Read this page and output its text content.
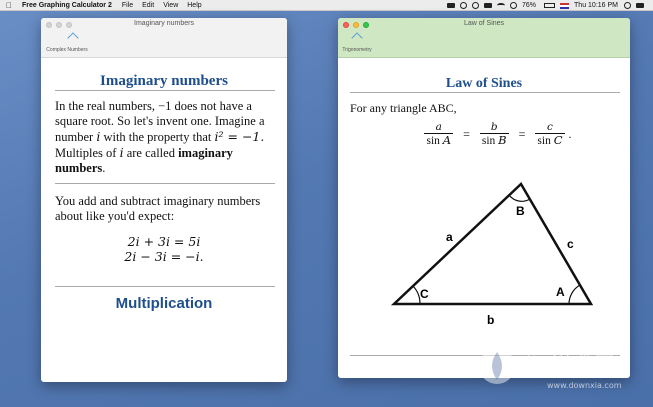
Free Graphing Calculator 2 File Edit View Help	76%	Thu 10:16 PM
Imaginary numbers
Complex Numbers
Imaginary numbers
In the real numbers, −1 does not have a
square root. So let's invent one. Imagine a
number i with the property that i² = −1.
Multiples of i are called imaginary
numbers.
You add and subtract imaginary numbers
about like you'd expect:
2i + 3i = 5i
2i − 3i = −i.
Multiplication
Law of Sines
Trigonometry
Law of Sines
For any triangle ABC,
$\frac{a}{\text{sin A}} = \frac{b}{\text{sin B}} = \frac{c}{\text{sin C}}$ .
C
B
A
a	c
b
当下软件园
www.downxia.com
